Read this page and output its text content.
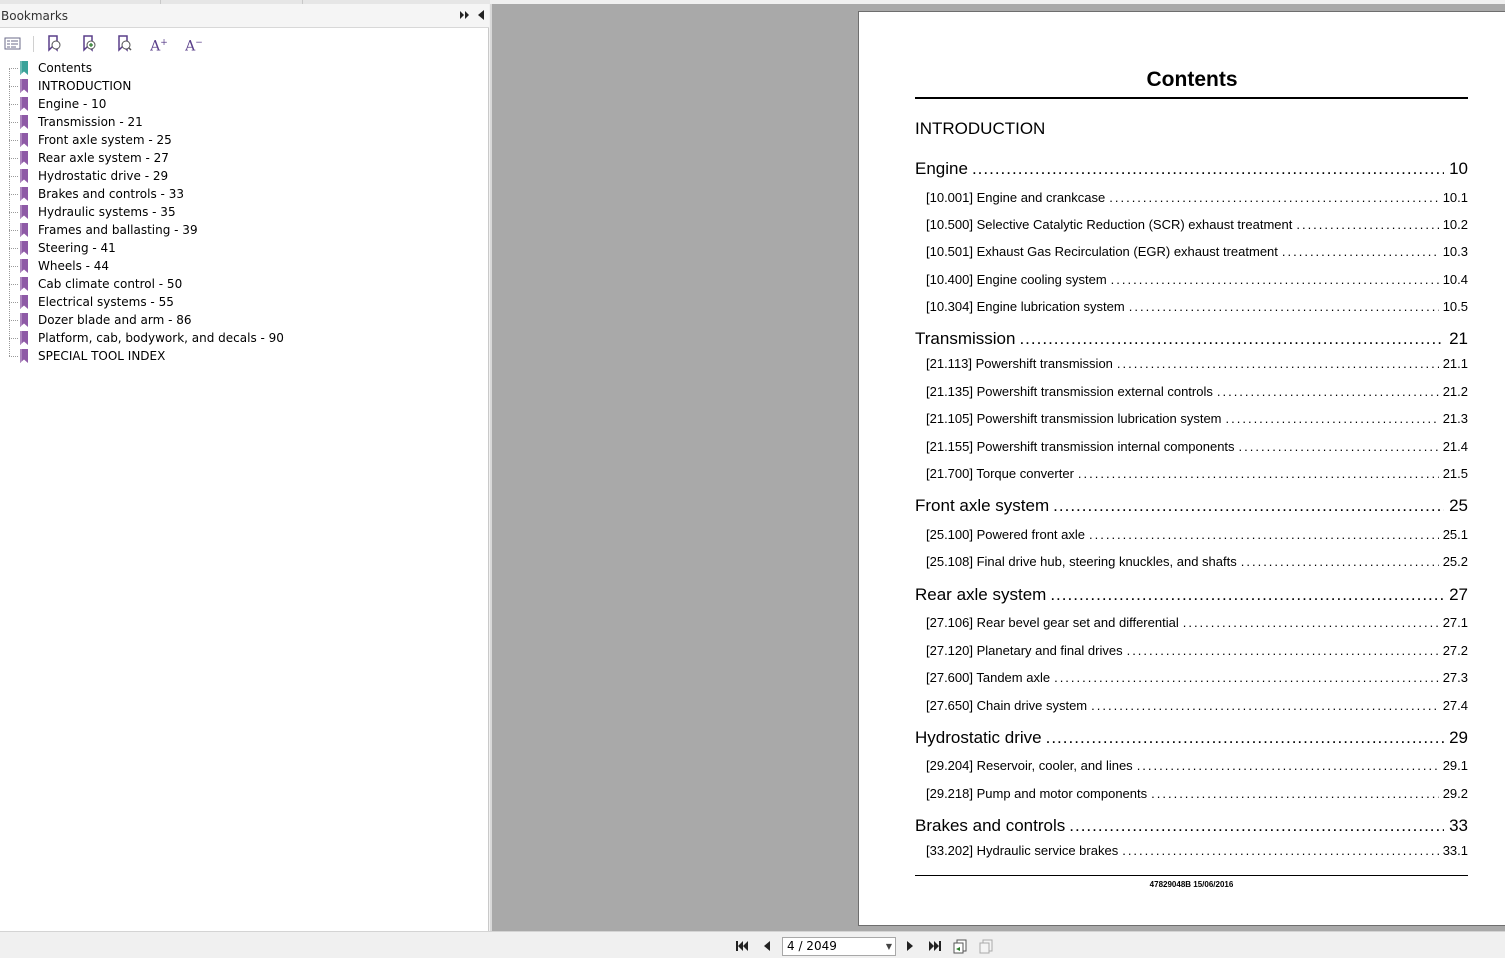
Bookmarks
A+ A−
Contents
INTRODUCTION
Engine - 10
Transmission - 21
Front axle system - 25
Rear axle system - 27
Hydrostatic drive - 29
Brakes and controls - 33
Hydraulic systems - 35
Frames and ballasting - 39
Steering - 41
Wheels - 44
Cab climate control - 50
Electrical systems - 55
Dozer blade and arm - 86
Platform, cab, bodywork, and decals - 90
SPECIAL TOOL INDEX
Contents
INTRODUCTION
47829048B 15/06/2016
Engine .....	10
[10.001] Engine and crankcase .....	10.1
[10.500] Selective Catalytic Reduction (SCR) exhaust treatment .....	10.2
[10.501] Exhaust Gas Recirculation (EGR) exhaust treatment .....	10.3
[10.400] Engine cooling system .....	10.4
[10.304] Engine lubrication system .....	10.5
Transmission .....	21
[21.113] Powershift transmission .....	21.1
[21.135] Powershift transmission external controls .....	21.2
[21.105] Powershift transmission lubrication system .....	21.3
[21.155] Powershift transmission internal components .....	21.4
[21.700] Torque converter .....	21.5
Front axle system .....	25
[25.100] Powered front axle .....	25.1
[25.108] Final drive hub, steering knuckles, and shafts .....	25.2
Rear axle system .....	27
[27.106] Rear bevel gear set and differential .....	27.1
[27.120] Planetary and final drives .....	27.2
[27.600] Tandem axle .....	27.3
[27.650] Chain drive system .....	27.4
Hydrostatic drive .....	29
[29.204] Reservoir, cooler, and lines .....	29.1
[29.218] Pump and motor components .....	29.2
Brakes and controls .....	33
[33.202] Hydraulic service brakes .....	33.1
4 / 2049	▼
